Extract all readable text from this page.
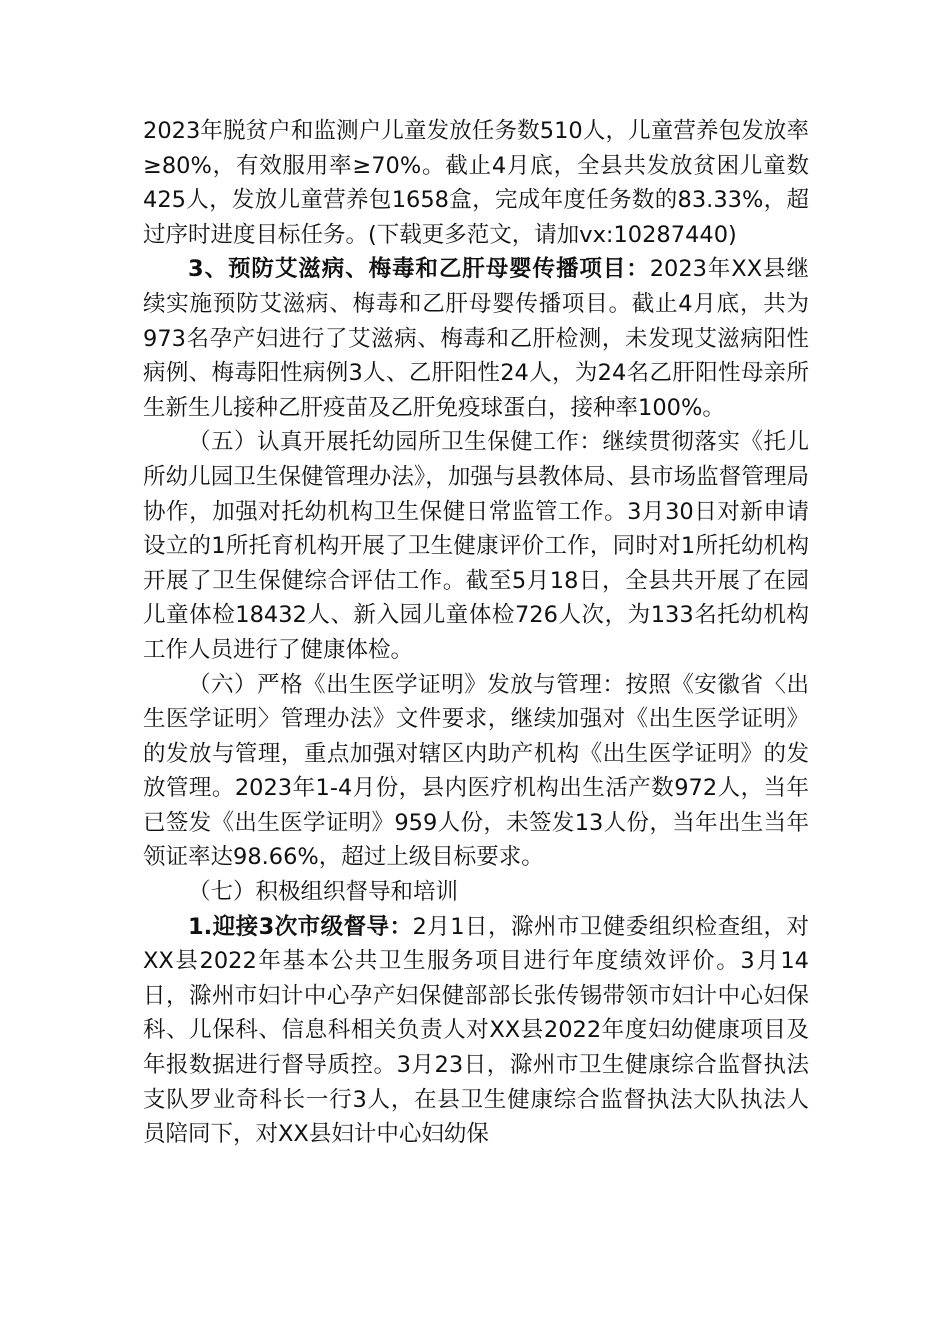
2023年脱贫户和监测户儿童发放任务数510人，儿童营养包发放率≥80%，有效服用率≥70%。截止4月底，全县共发放贫困儿童数425人，发放儿童营养包1658盒，完成年度任务数的83.33%，超过序时进度目标任务。(下载更多范文，请加vx:10287440)

3、预防艾滋病、梅毒和乙肝母婴传播项目：2023年XX县继续实施预防艾滋病、梅毒和乙肝母婴传播项目。截止4月底，共为973名孕产妇进行了艾滋病、梅毒和乙肝检测，未发现艾滋病阳性病例、梅毒阳性病例3人、乙肝阳性24人，为24名乙肝阳性母亲所生新生儿接种乙肝疫苗及乙肝免疫球蛋白，接种率100%。

（五）认真开展托幼园所卫生保健工作：继续贯彻落实《托儿所幼儿园卫生保健管理办法》，加强与县教体局、县市场监督管理局协作，加强对托幼机构卫生保健日常监管工作。3月30日对新申请设立的1所托育机构开展了卫生健康评价工作，同时对1所托幼机构开展了卫生保健综合评估工作。截至5月18日，全县共开展了在园儿童体检18432人、新入园儿童体检726人次，为133名托幼机构工作人员进行了健康体检。

（六）严格《出生医学证明》发放与管理：按照《安徽省〈出生医学证明〉管理办法》文件要求，继续加强对《出生医学证明》的发放与管理，重点加强对辖区内助产机构《出生医学证明》的发放管理。2023年1-4月份，县内医疗机构出生活产数972人，当年已签发《出生医学证明》959人份，未签发13人份，当年出生当年领证率达98.66%，超过上级目标要求。

（七）积极组织督导和培训

1.迎接3次市级督导：2月1日，滁州市卫健委组织检查组，对XX县2022年基本公共卫生服务项目进行年度绩效评价。3月14日，滁州市妇计中心孕产妇保健部部长张传锡带领市妇计中心妇保科、儿保科、信息科相关负责人对XX县2022年度妇幼健康项目及年报数据进行督导质控。3月23日，滁州市卫生健康综合监督执法支队罗业奇科长一行3人，在县卫生健康综合监督执法大队执法人员陪同下，对XX县妇计中心妇幼保
